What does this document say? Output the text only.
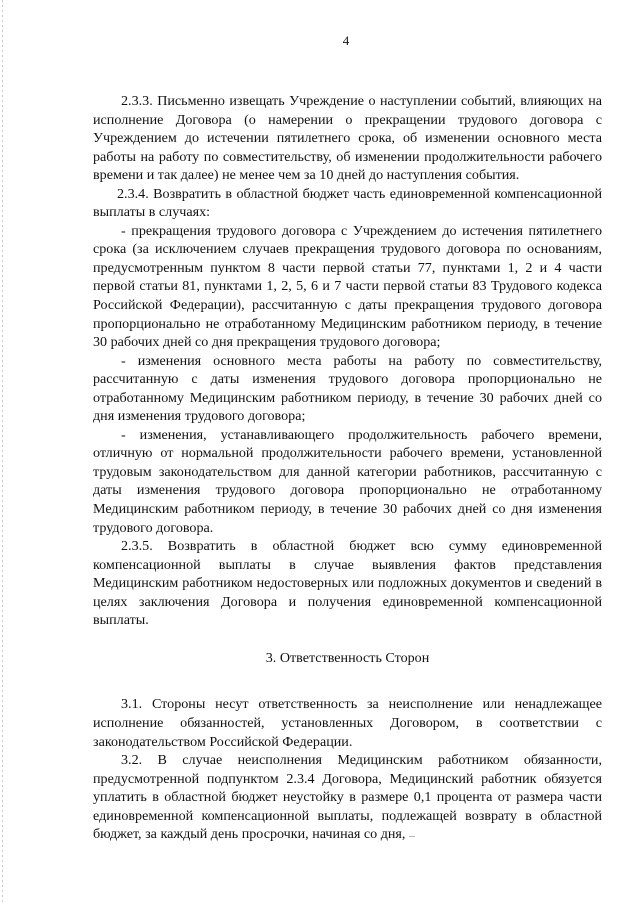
4

2.3.3. Письменно извещать Учреждение о наступлении событий, влияющих на исполнение Договора (о намерении о прекращении трудового договора с Учреждением до истечении пятилетнего срока, об изменении основного места работы на работу по совместительству, об изменении продолжительности рабочего времени и так далее) не менее чем за 10 дней до наступления события.

2.3.4. Возвратить в областной бюджет часть единовременной компенсационной выплаты в случаях:

- прекращения трудового договора с Учреждением до истечения пятилетнего срока (за исключением случаев прекращения трудового договора по основаниям, предусмотренным пунктом 8 части первой статьи 77, пунктами 1, 2 и 4 части первой статьи 81, пунктами 1, 2, 5, 6 и 7 части первой статьи 83 Трудового кодекса Российской Федерации), рассчитанную с даты прекращения трудового договора пропорционально не отработанному Медицинским работником периоду, в течение 30 рабочих дней со дня прекращения трудового договора;

- изменения основного места работы на работу по совместительству, рассчитанную с даты изменения трудового договора пропорционально не отработанному Медицинским работником периоду, в течение 30 рабочих дней со дня изменения трудового договора;

- изменения, устанавливающего продолжительность рабочего времени, отличную от нормальной продолжительности рабочего времени, установленной трудовым законодательством для данной категории работников, рассчитанную с даты изменения трудового договора пропорционально не отработанному Медицинским работником периоду, в течение 30 рабочих дней со дня изменения трудового договора.

2.3.5. Возвратить в областной бюджет всю сумму единовременной компенсационной выплаты в случае выявления фактов представления Медицинским работником недостоверных или подложных документов и сведений в целях заключения Договора и получения единовременной компенсационной выплаты.

3. Ответственность Сторон

3.1. Стороны несут ответственность за неисполнение или ненадлежащее исполнение обязанностей, установленных Договором, в соответствии с законодательством Российской Федерации.

3.2. В случае неисполнения Медицинским работником обязанности, предусмотренной подпунктом 2.3.4 Договора, Медицинский работник обязуется уплатить в областной бюджет неустойку в размере 0,1 процента от размера части единовременной компенсационной выплаты, подлежащей возврату в областной бюджет, за каждый день просрочки, начиная со дня,
